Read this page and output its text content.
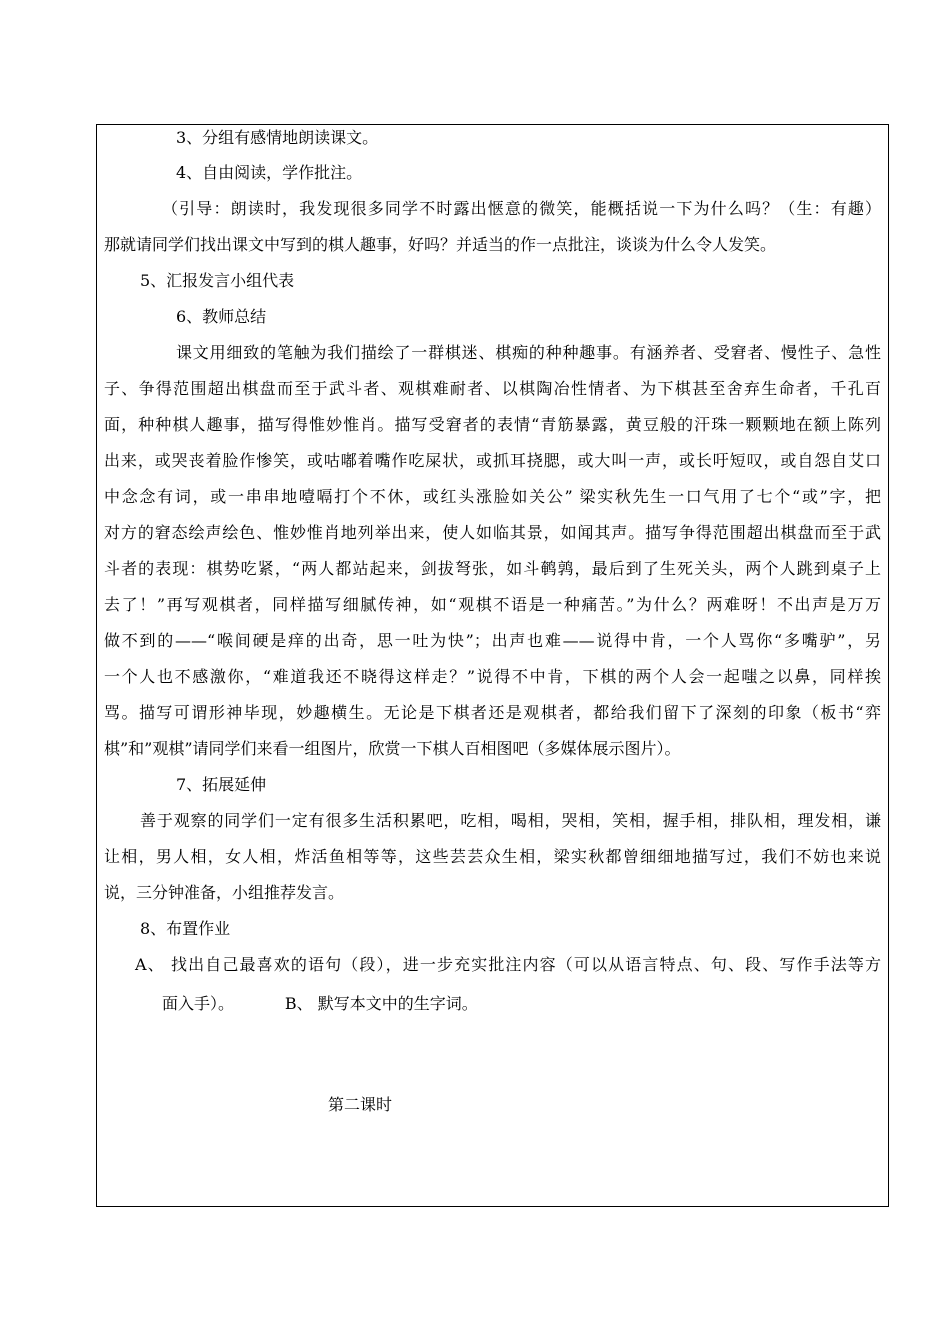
3、分组有感情地朗读课文。
4、自由阅读，学作批注。
（引导：朗读时，我发现很多同学不时露出惬意的微笑，能概括说一下为什么吗？（生：有趣）
那就请同学们找出课文中写到的棋人趣事，好吗？并适当的作一点批注，谈谈为什么令人发笑。
5、汇报发言小组代表
6、教师总结
课文用细致的笔触为我们描绘了一群棋迷、棋痴的种种趣事。有涵养者、受窘者、慢性子、急性
子、争得范围超出棋盘而至于武斗者、观棋难耐者、以棋陶冶性情者、为下棋甚至舍弃生命者，千孔百
面，种种棋人趣事，描写得惟妙惟肖。描写受窘者的表情“青筋暴露，黄豆般的汗珠一颗颗地在额上陈列
出来，或哭丧着脸作惨笑，或咕嘟着嘴作吃屎状，或抓耳挠腮，或大叫一声，或长吁短叹，或自怨自艾口
中念念有词，或一串串地噎嗝打个不休，或红头涨脸如关公” 梁实秋先生一口气用了七个“或”字，把
对方的窘态绘声绘色、惟妙惟肖地列举出来，使人如临其景，如闻其声。描写争得范围超出棋盘而至于武
斗者的表现：棋势吃紧，“两人都站起来，剑拔弩张，如斗鹌鹑，最后到了生死关头，两个人跳到桌子上
去了！”再写观棋者，同样描写细腻传神，如“观棋不语是一种痛苦。”为什么？两难呀！不出声是万万
做不到的——“喉间硬是痒的出奇，思一吐为快”；出声也难——说得中肯，一个人骂你“多嘴驴”，另
一个人也不感激你，“难道我还不晓得这样走？”说得不中肯，下棋的两个人会一起嗤之以鼻，同样挨
骂。描写可谓形神毕现，妙趣横生。无论是下棋者还是观棋者，都给我们留下了深刻的印象（板书“弈
棋”和”观棋”请同学们来看一组图片，欣赏一下棋人百相图吧（多媒体展示图片）。
7、拓展延伸
善于观察的同学们一定有很多生活积累吧，吃相，喝相，哭相，笑相，握手相，排队相，理发相，谦
让相，男人相，女人相，炸活鱼相等等，这些芸芸众生相，梁实秋都曾细细地描写过，我们不妨也来说
说，三分钟准备，小组推荐发言。
8、布置作业
A、 找出自己最喜欢的语句（段），进一步充实批注内容（可以从语言特点、句、段、写作手法等方
面入手）。          B、 默写本文中的生字词。
第二课时
